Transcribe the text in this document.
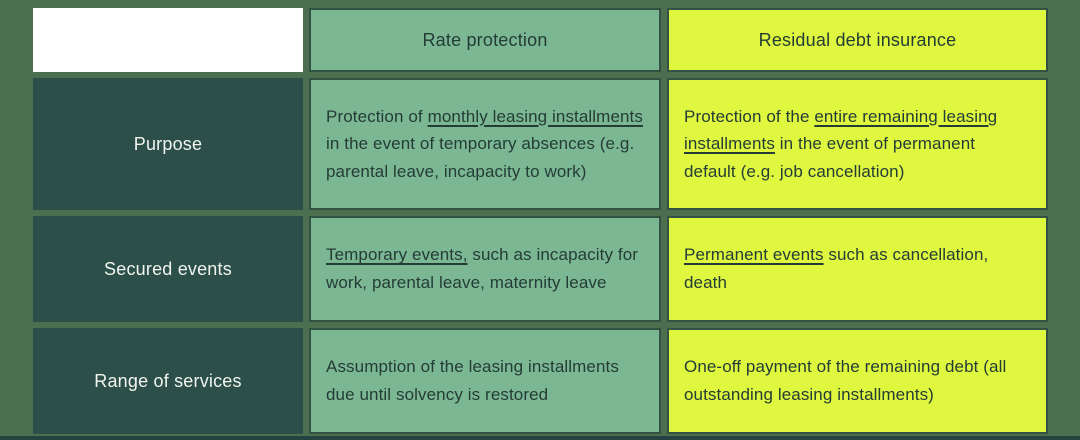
Rate protection	Residual debt insurance
Purpose
Protection of monthly leasing installments in the event of temporary absences (e.g. parental leave, incapacity to work)
Protection of the entire remaining leasing installments in the event of permanent default (e.g. job cancellation)
Secured events
Temporary events, such as incapacity for work, parental leave, maternity leave
Permanent events such as cancellation, death
Range of services
Assumption of the leasing installments due until solvency is restored
One-off payment of the remaining debt (all outstanding leasing installments)
